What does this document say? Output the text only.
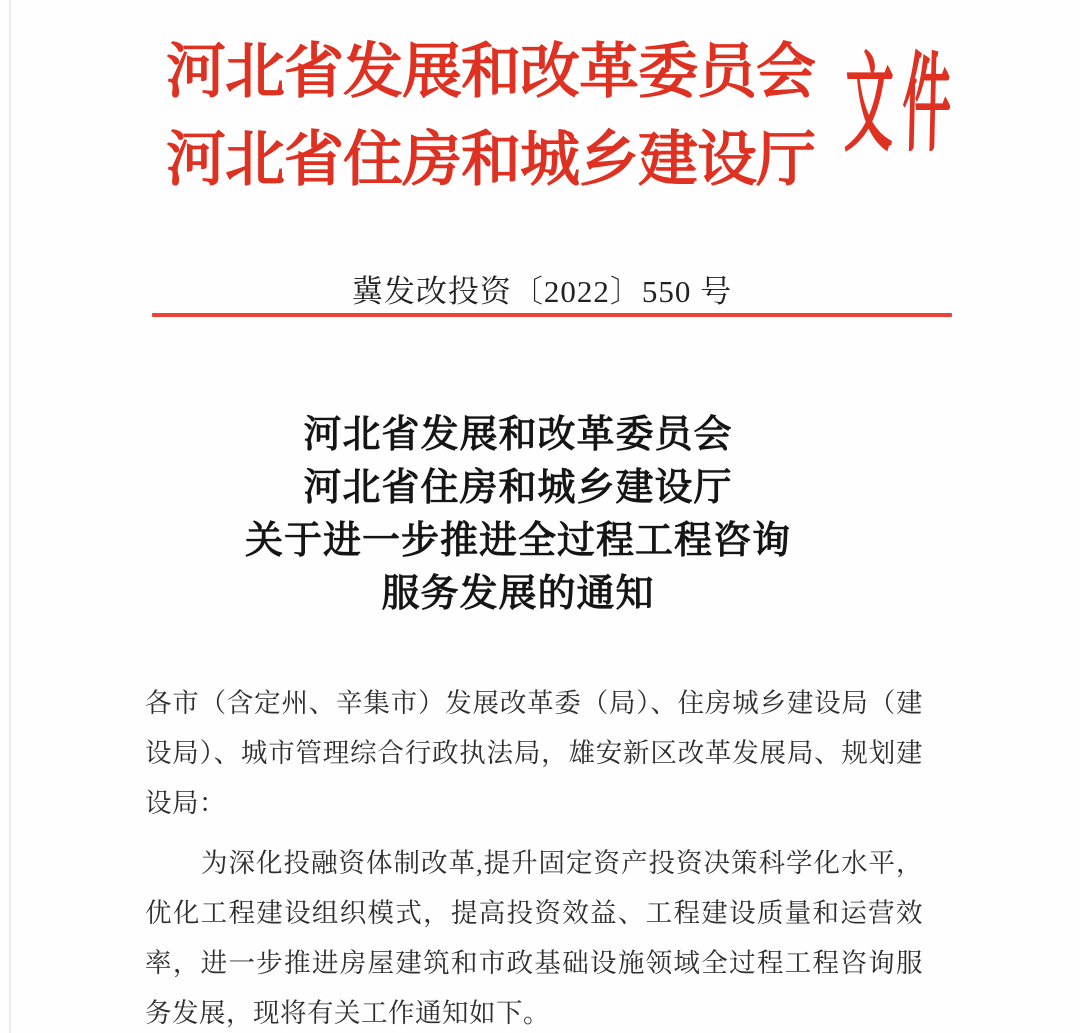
河北省发展和改革委员会
河北省住房和城乡建设厅 文件
冀发改投资〔2022〕550 号
河北省发展和改革委员会
河北省住房和城乡建设厅
关于进一步推进全过程工程咨询
服务发展的通知

各市（含定州、辛集市）发展改革委（局）、住房城乡建设局（建

设局）、城市管理综合行政执法局，雄安新区改革发展局、规划建

设局：

为深化投融资体制改革,提升固定资产投资决策科学化水平，

优化工程建设组织模式，提高投资效益、工程建设质量和运营效

率，进一步推进房屋建筑和市政基础设施领域全过程工程咨询服

务发展，现将有关工作通知如下。
